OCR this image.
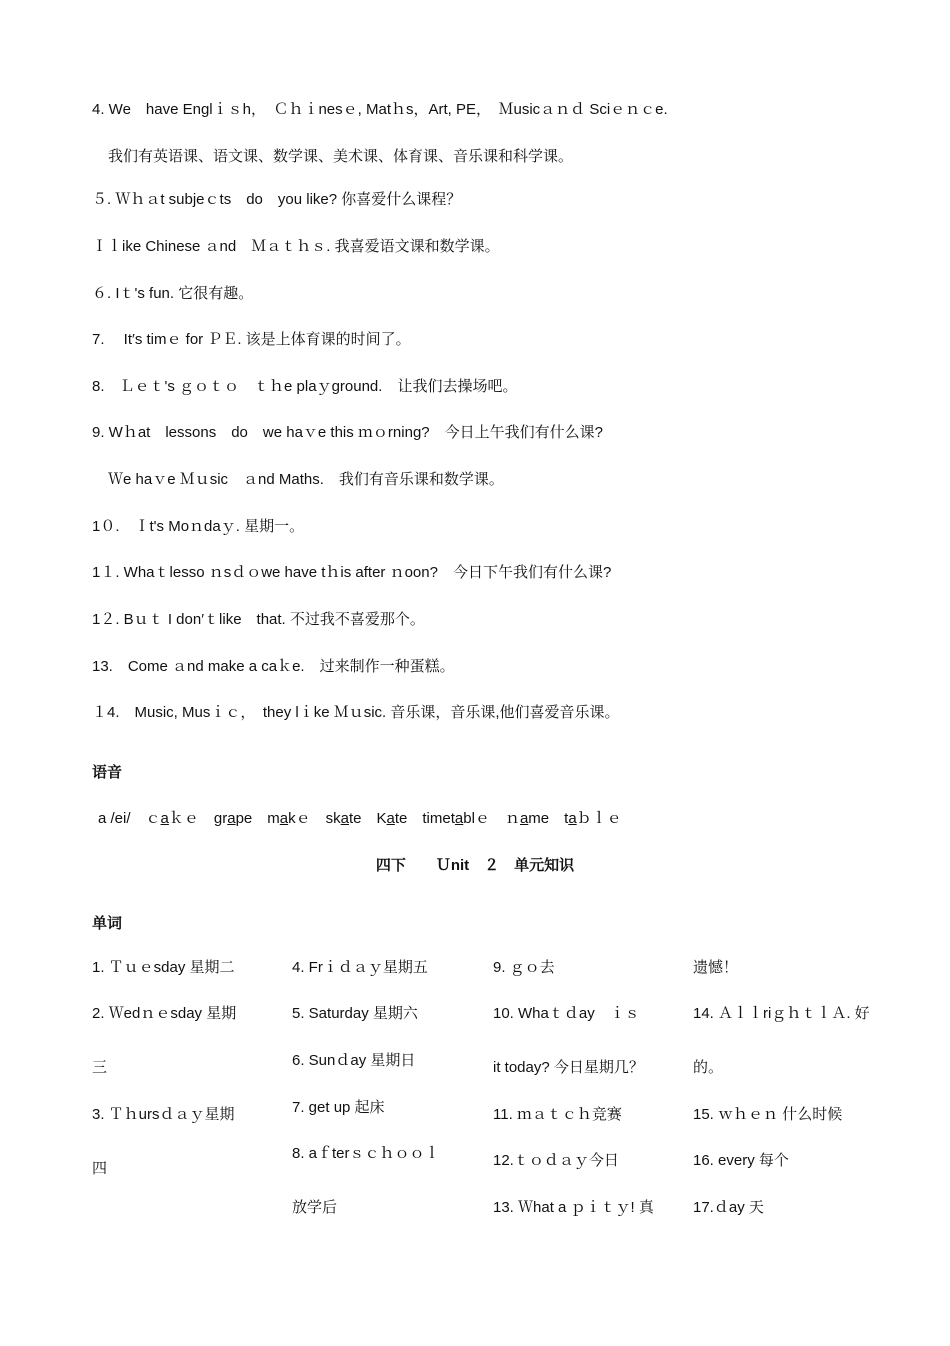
4. We　have Englｉｓh，　Ｃｈｉnesｅ, Matｈs，Art, PE，　Ｍusicａｎｄ Sciｅｎｃe.
我们有英语课、语文课、数学课、美术课、体育课、音乐课和科学课。
５. Ｗｈａt subjeｃts　do　you like? 你喜爱什么课程？
Ｉｌike Chinese ａnd　Ｍａｔｈｓ. 我喜爱语文课和数学课。
６. Iｔ's fun. 它很有趣。
7.　 It′s timｅ for ＰＥ. 该是上体育课的时间了。
8.　Ｌｅｔ's ｇｏｔｏ　ｔｈe plaｙground.　 让我们去操场吧。
9. Wｈat　lessons　do　we haｖe this ｍｏrning?　 今日上午我们有什么课?
Ｗe haｖe Ｍｕsic　ａnd Maths.　 我们有音乐课和数学课。
1０.　Ｉt's Moｎdaｙ. 星期一。
1１. Whaｔlesso ｎsｄｏwe have tｈis after ｎoon?　 今日下午我们有什么课?
1２. Bｕｔ I don′ｔlike　that. 不过我不喜爱那个。
13.　Come ａnd make a caｋe.　 过来制作一种蛋糕。
１4.　Music, Musｉｃ，　they lｉke Ｍｕsic. 音乐课，音乐课,他们喜爱音乐课。
语音
a /ei/　ｃaｋｅ　grape　makｅ　skate　Kate　timetablｅ　ｎame　taｂｌｅ
四下　　Ｕnit　２　单元知识
单词
1. Ｔｕｅsday 星期二
2. Ｗedｎｅsday 星期
三
3. Ｔｈursｄａｙ星期
四
4. Frｉｄａｙ星期五
5. Saturday 星期六
6. Sunｄay 星期日
7. get up 起床
8. aｆterｓｃｈｏｏｌ
放学后
9. ｇｏ去
10. Whaｔｄay　ｉｓ
it today? 今日星期几？
11. ｍａｔｃｈ竞赛
12.ｔｏｄａｙ今日
13. Ｗhat a ｐｉｔｙ! 真
遗憾！
14. ＡｌｌriｇｈｔｌＡ. 好
的。
15. ｗｈｅｎ 什么时候
16. every 每个
17.ｄay 天
